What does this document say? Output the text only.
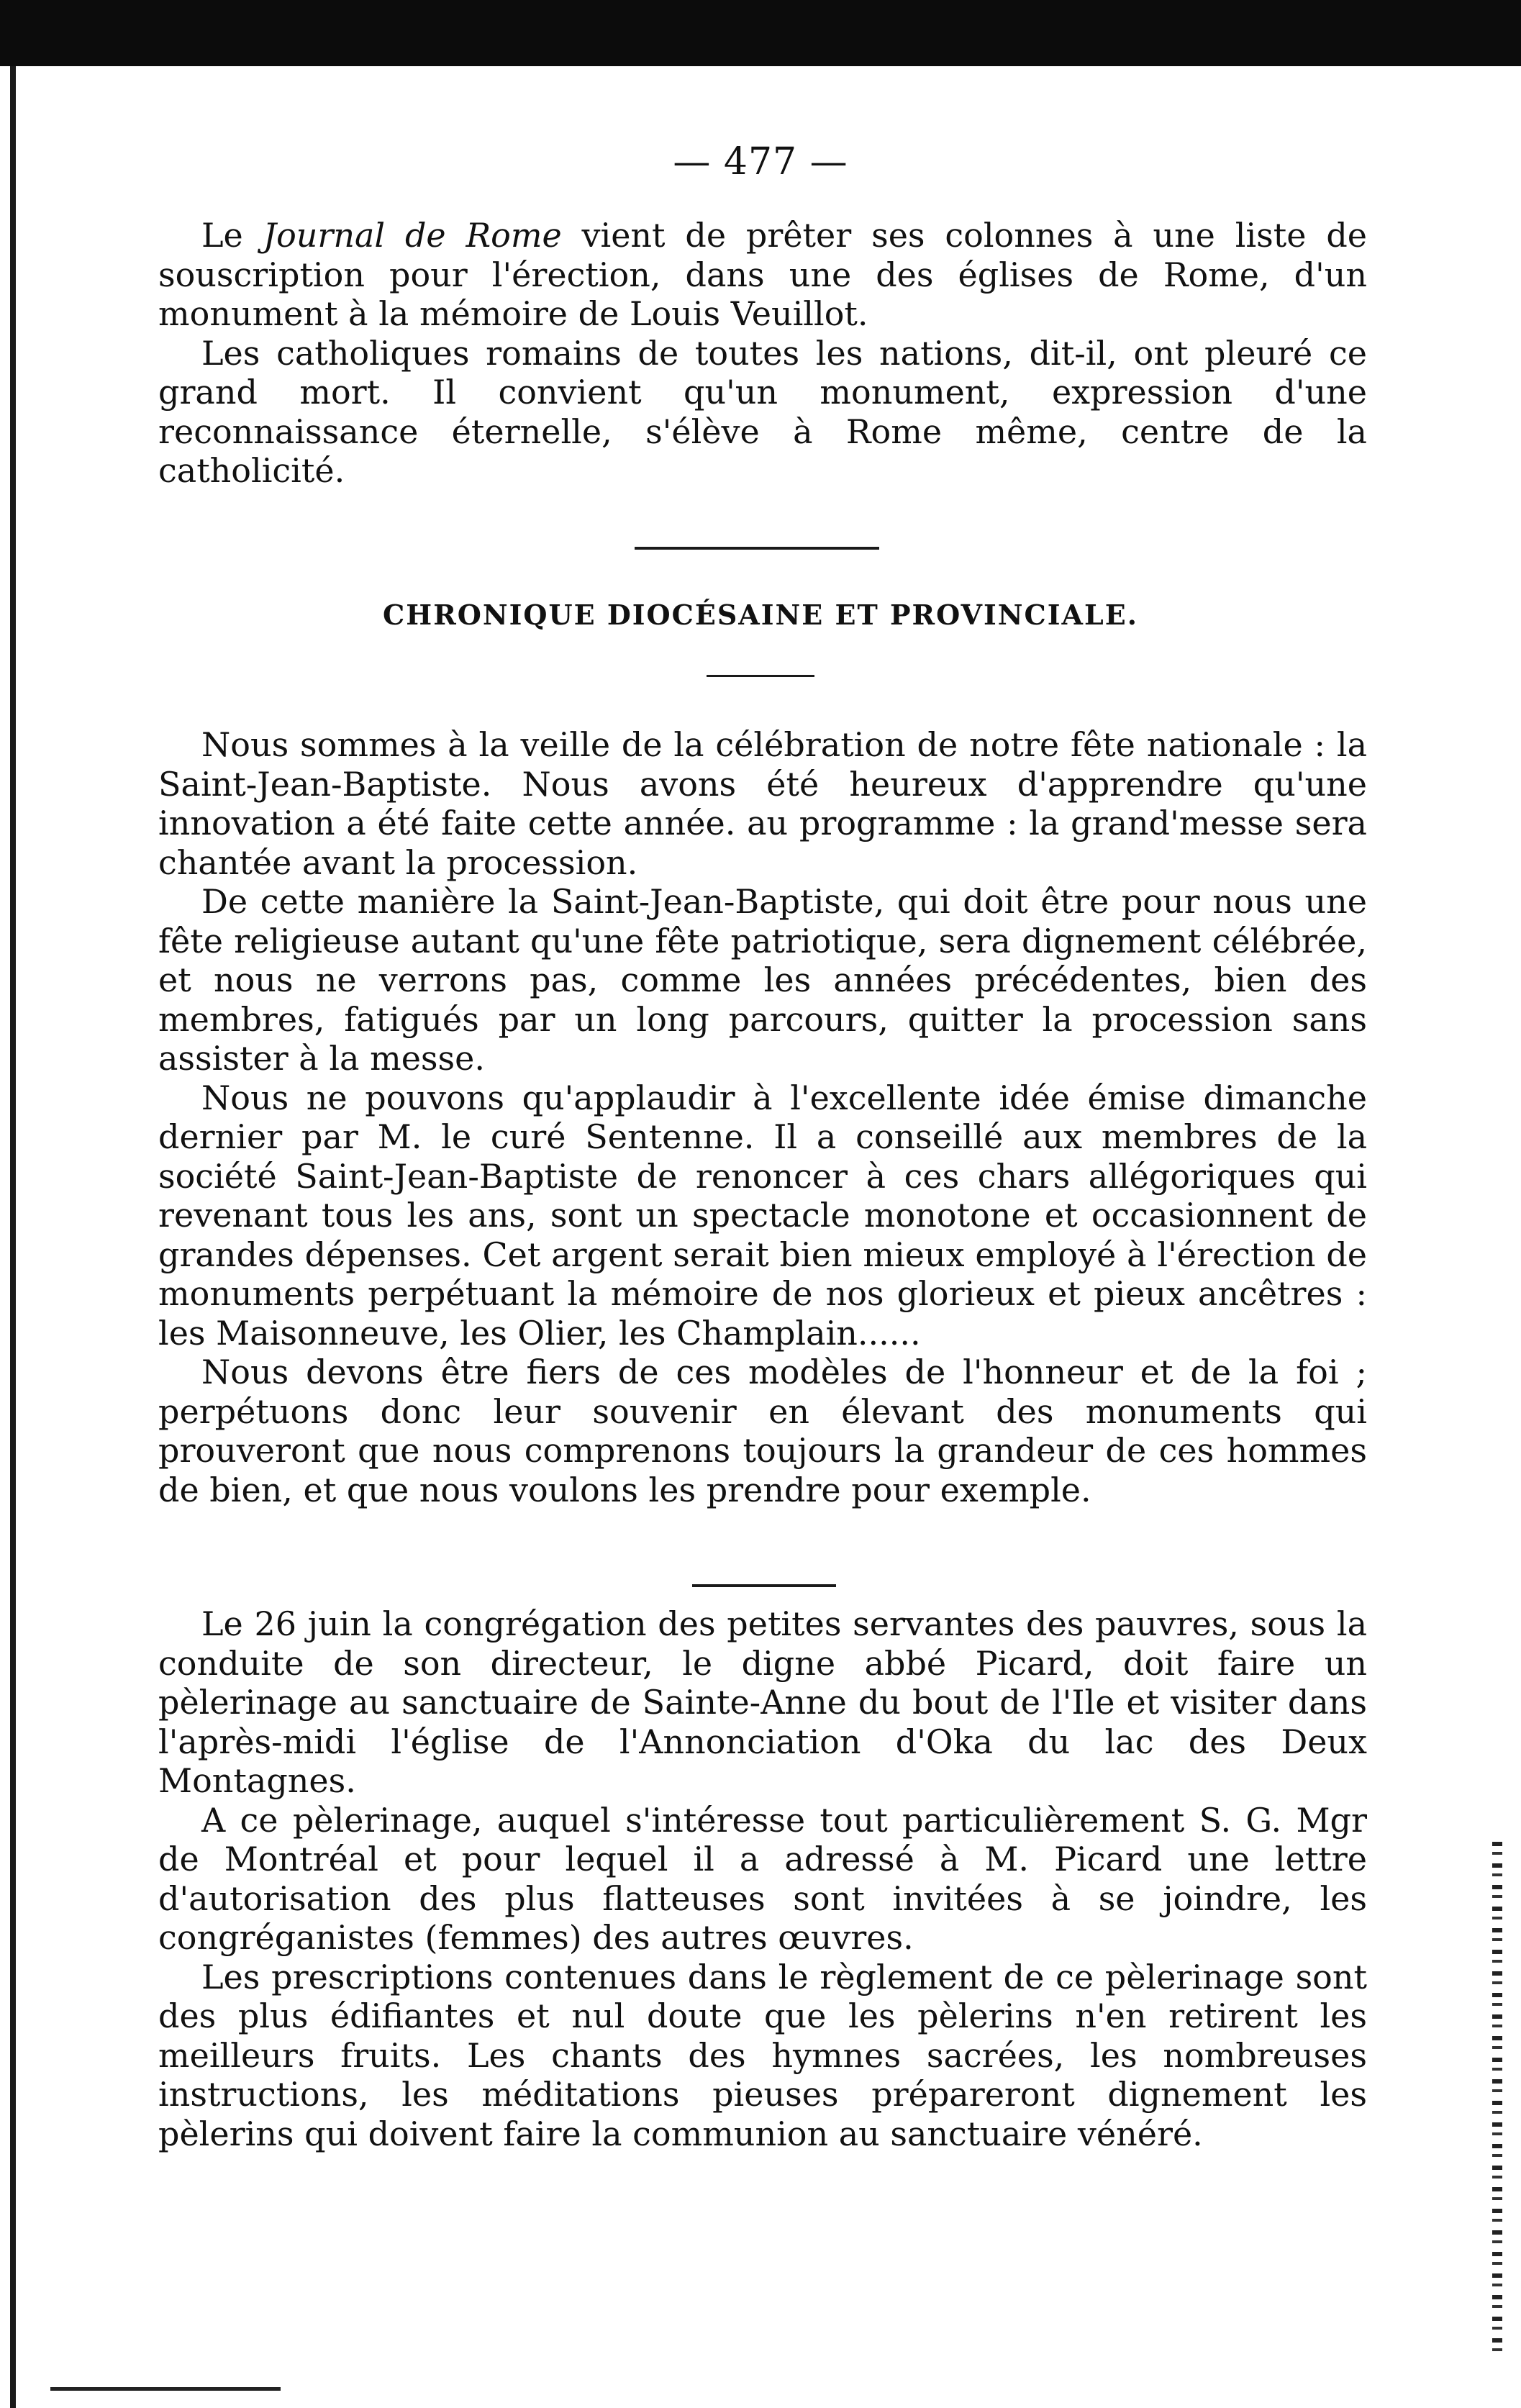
— 477 —

Le Journal de Rome vient de prêter ses colonnes à une liste de souscription pour l'érection, dans une des églises de Rome, d'un monument à la mémoire de Louis Veuillot.

Les catholiques romains de toutes les nations, dit-il, ont pleuré ce grand mort. Il convient qu'un monument, expression d'une reconnaissance éternelle, s'élève à Rome même, centre de la catholicité.

CHRONIQUE DIOCÉSAINE ET PROVINCIALE.

Nous sommes à la veille de la célébration de notre fête nationale : la Saint-Jean-Baptiste. Nous avons été heureux d'apprendre qu'une innovation a été faite cette année. au programme : la grand'messe sera chantée avant la procession.

De cette manière la Saint-Jean-Baptiste, qui doit être pour nous une fête religieuse autant qu'une fête patriotique, sera dignement célébrée, et nous ne verrons pas, comme les années précédentes, bien des membres, fatigués par un long parcours, quitter la procession sans assister à la messe.

Nous ne pouvons qu'applaudir à l'excellente idée émise dimanche dernier par M. le curé Sentenne. Il a conseillé aux membres de la société Saint-Jean-Baptiste de renoncer à ces chars allégoriques qui revenant tous les ans, sont un spectacle monotone et occasionnent de grandes dépenses. Cet argent serait bien mieux employé à l'érection de monuments perpétuant la mémoire de nos glorieux et pieux ancêtres : les Maisonneuve, les Olier, les Champlain......

Nous devons être fiers de ces modèles de l'honneur et de la foi ; perpétuons donc leur souvenir en élevant des monuments qui prouveront que nous comprenons toujours la grandeur de ces hommes de bien, et que nous voulons les prendre pour exemple.

Le 26 juin la congrégation des petites servantes des pauvres, sous la conduite de son directeur, le digne abbé Picard, doit faire un pèlerinage au sanctuaire de Sainte-Anne du bout de l'Ile et visiter dans l'après-midi l'église de l'Annonciation d'Oka du lac des Deux Montagnes.

A ce pèlerinage, auquel s'intéresse tout particulièrement S. G. Mgr de Montréal et pour lequel il a adressé à M. Picard une lettre d'autorisation des plus flatteuses sont invitées à se joindre, les congréganistes (femmes) des autres œuvres.

Les prescriptions contenues dans le règlement de ce pèlerinage sont des plus édifiantes et nul doute que les pèlerins n'en retirent les meilleurs fruits. Les chants des hymnes sacrées, les nombreuses instructions, les méditations pieuses prépareront dignement les pèlerins qui doivent faire la communion au sanctuaire vénéré.
